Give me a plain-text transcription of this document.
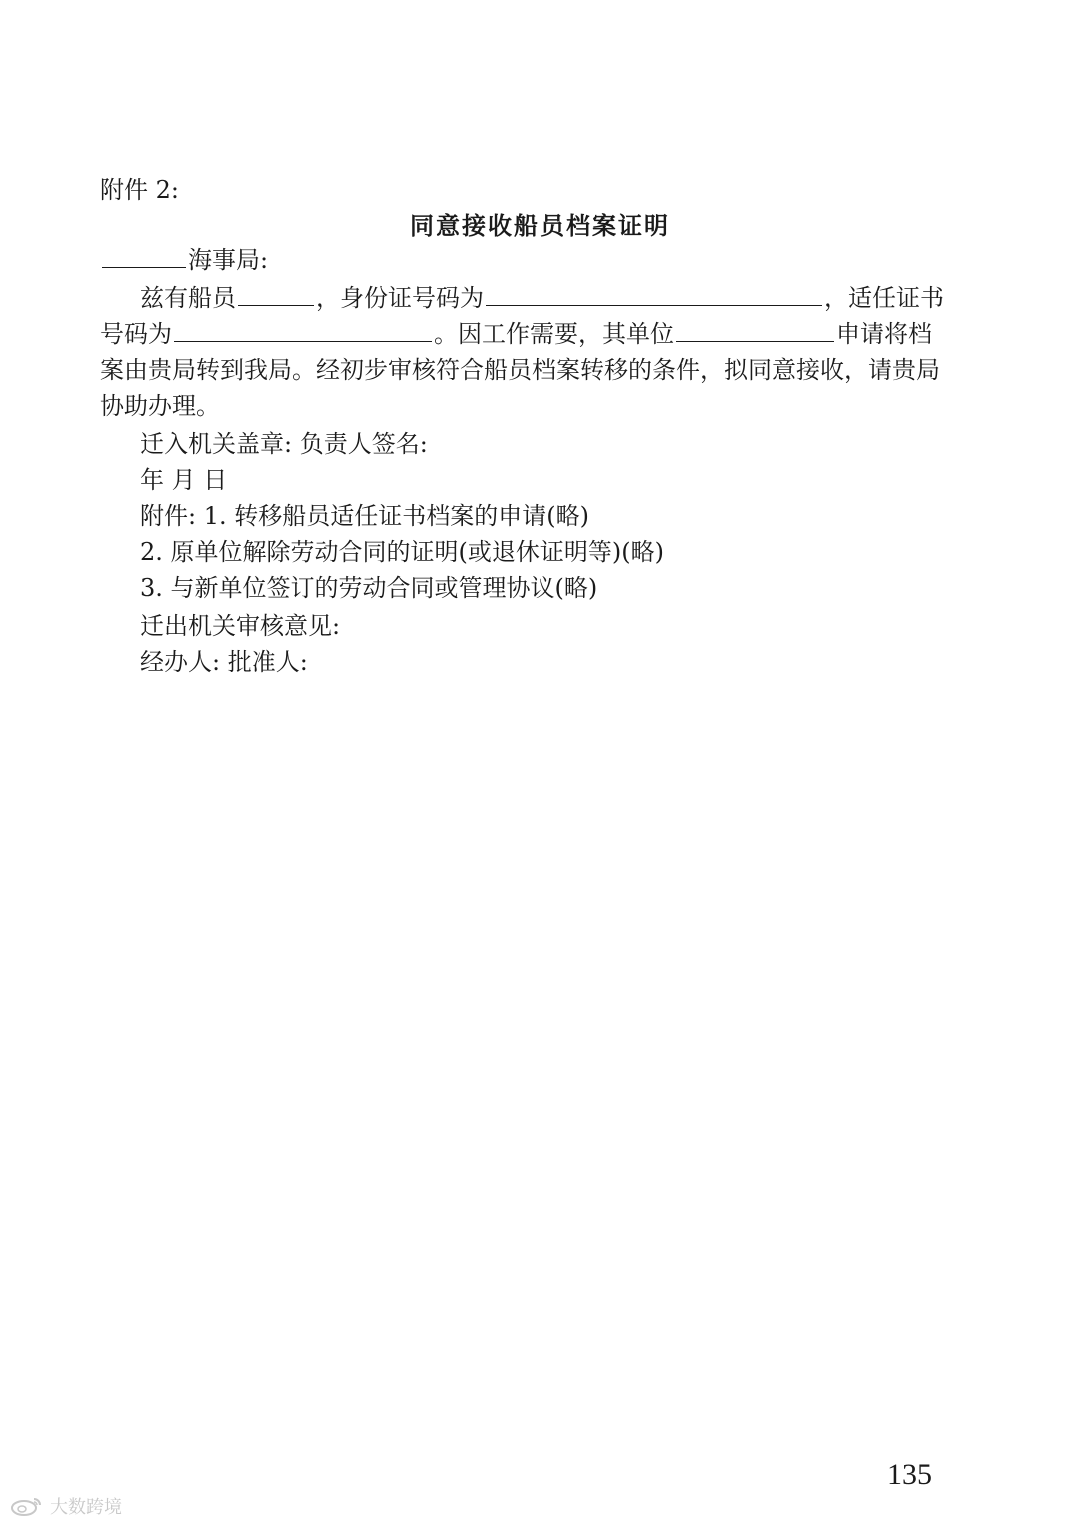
附件 2:
同意接收船员档案证明
海事局:
兹有船员	，身份证号码为	，适任证书
号码为	。因工作需要，其单位	申请将档
案由贵局转到我局。经初步审核符合船员档案转移的条件，拟同意接收，请贵局
协助办理。
迁入机关盖章: 负责人签名:
年 月 日
附件: 1. 转移船员适任证书档案的申请(略)
2. 原单位解除劳动合同的证明(或退休证明等)(略)
3. 与新单位签订的劳动合同或管理协议(略)
迁出机关审核意见:
经办人: 批准人:
135
大数跨境
